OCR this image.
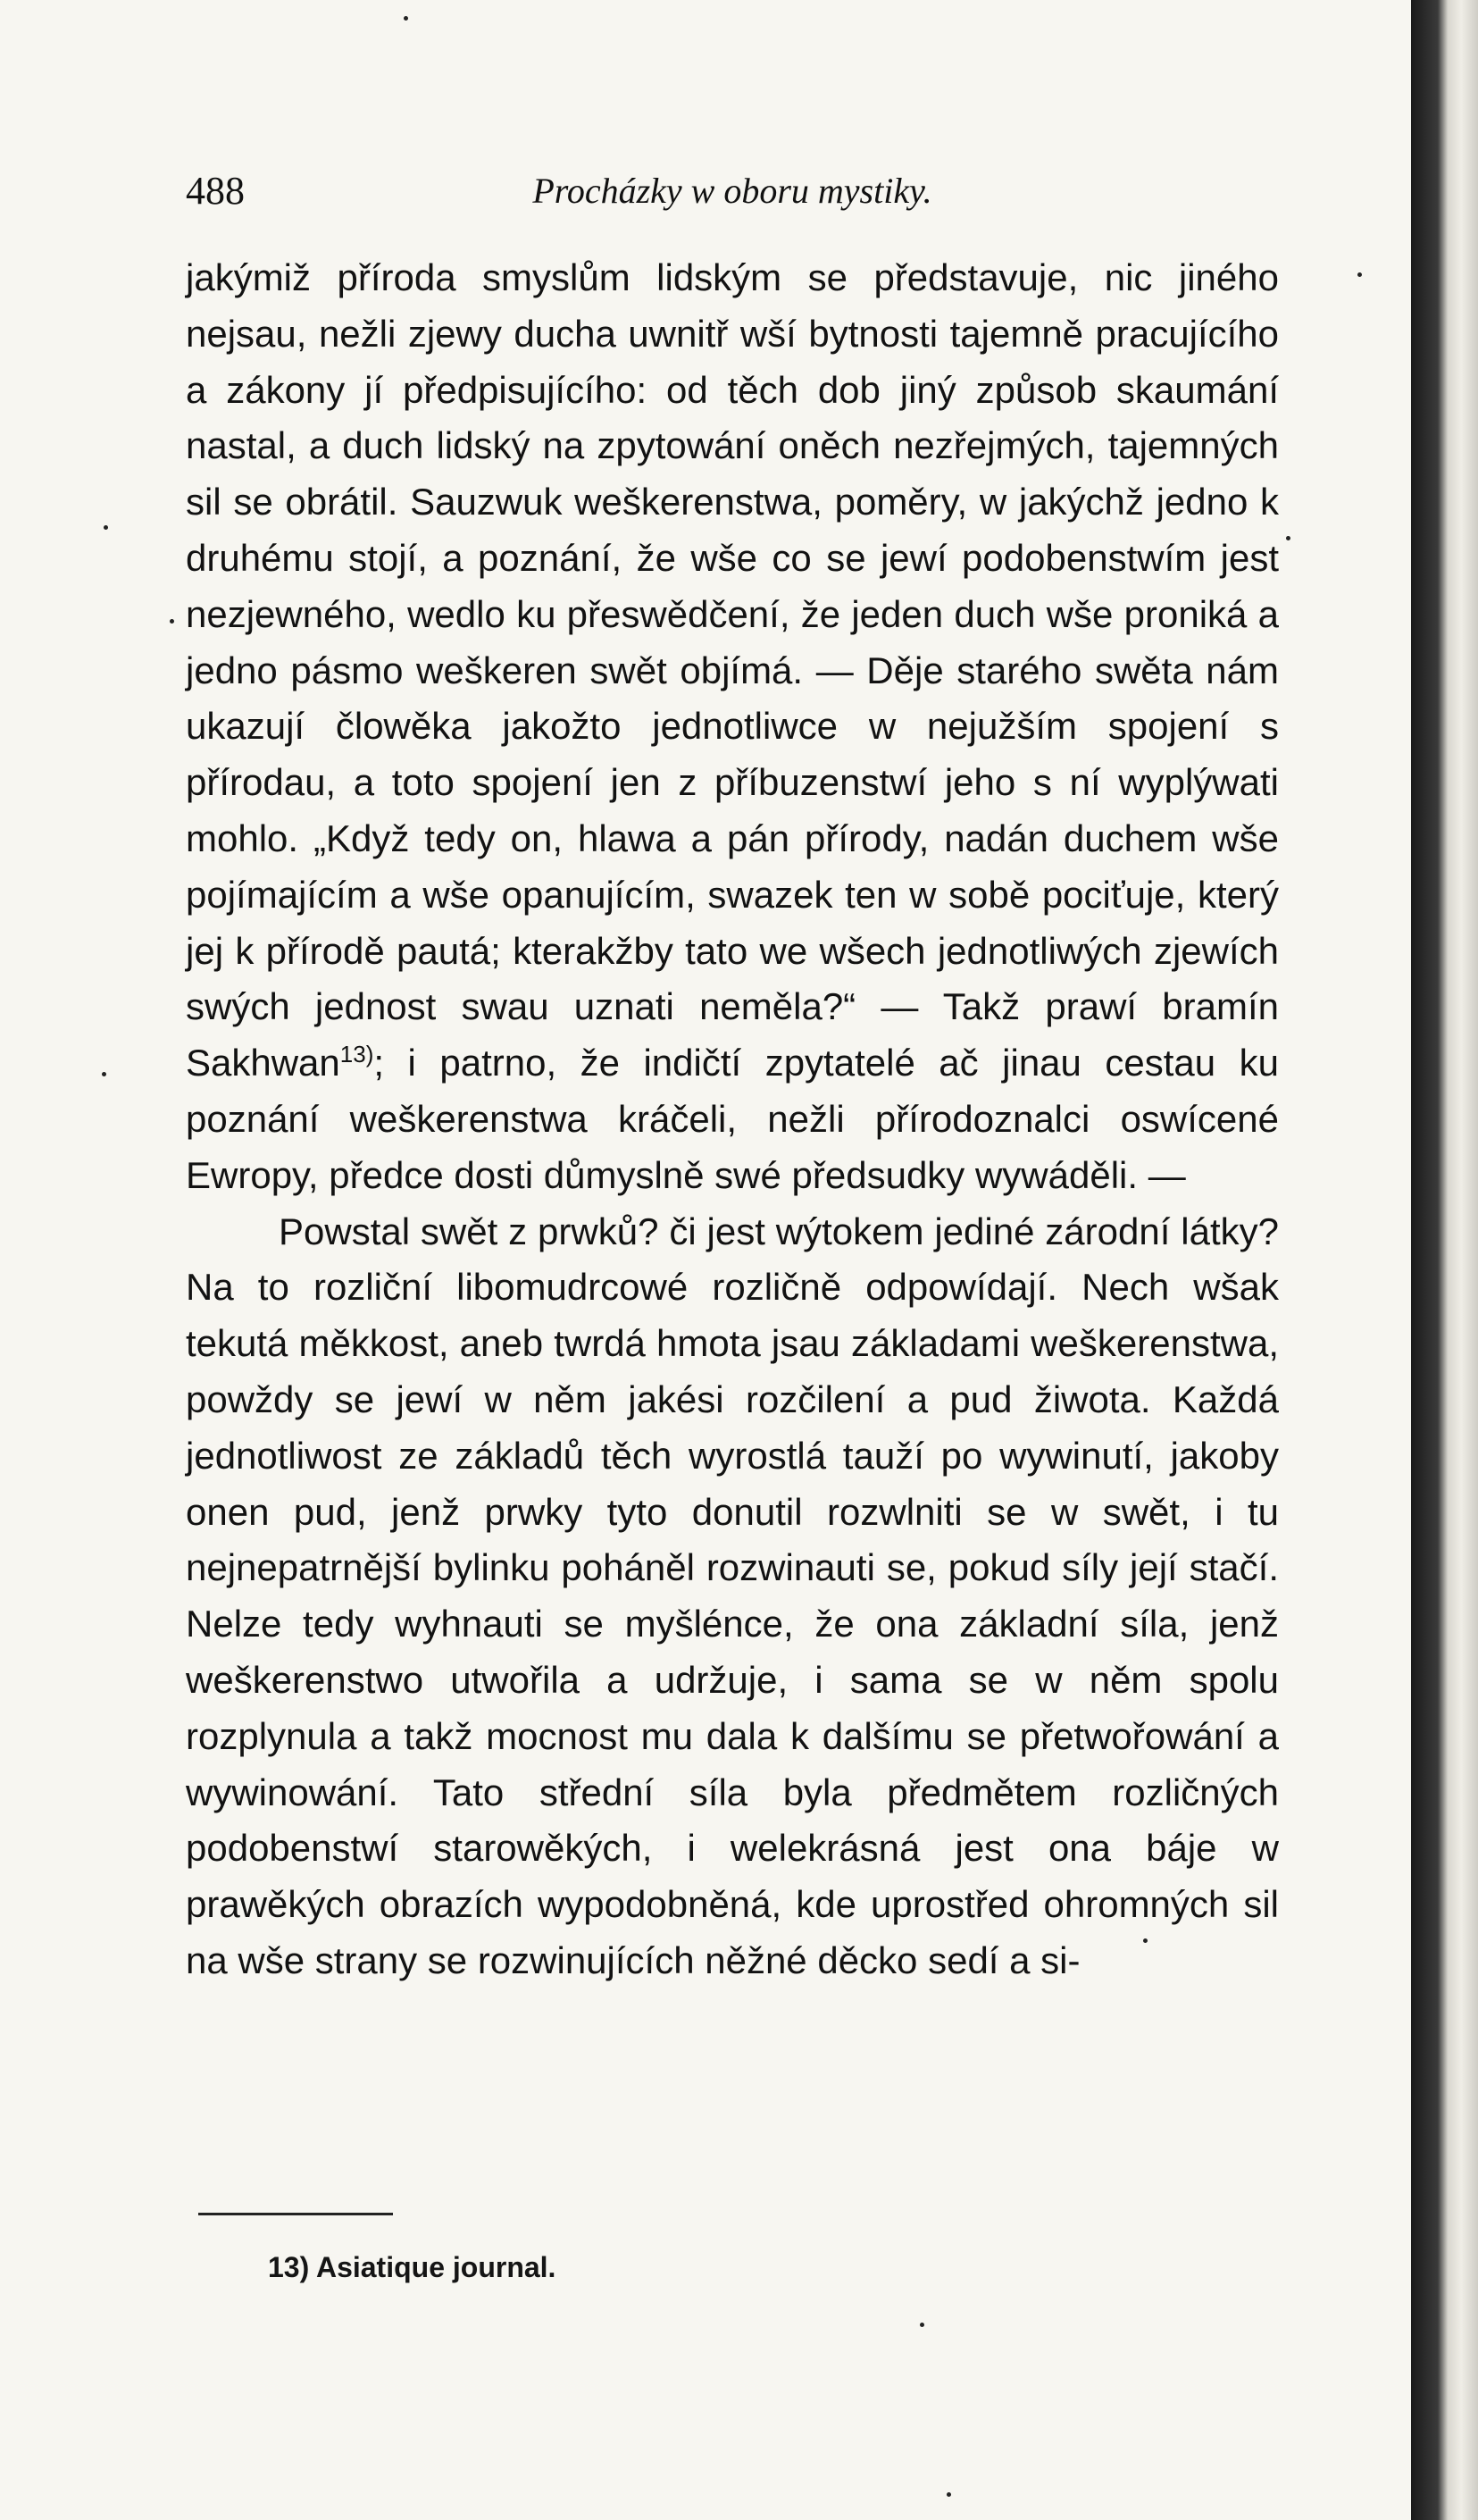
488	Procházky w oboru mystiky.

jakýmiž příroda smyslům lidským se představuje, nic jiného nejsau, nežli zjewy ducha uwnitř wší bytnosti tajemně pracujícího a zákony jí předpisujícího: od těch dob jiný způsob skaumání nastal, a duch lidský na zpytowání oněch nezřejmých, tajemných sil se obrátil. Sauzwuk weškerenstwa, poměry, w jakýchž jedno k druhému stojí, a poznání, že wše co se jewí podobenstwím jest nezjewného, wedlo ku přeswědčení, že jeden duch wše proniká a jedno pásmo weškeren swět objímá. — Děje starého swěta nám ukazují člowěka jakožto jednotliwce w nejužším spojení s přírodau, a toto spojení jen z příbuzenstwí jeho s ní wyplýwati mohlo. „Když tedy on, hlawa a pán přírody, nadán duchem wše pojímajícím a wše opanujícím, swazek ten w sobě pociťuje, který jej k přírodě pautá; kterakžby tato we wšech jednotliwých zjewích swých jednost swau uznati neměla?“ — Takž prawí bramín Sakhwan$^{13)}$; i patrno, že indičtí zpytatelé ač jinau cestau ku poznání weškerenstwa kráčeli, nežli přírodoznalci oswícené Ewropy, předce dosti důmyslně swé předsudky wywáděli. —

Powstal swět z prwků? či jest wýtokem jediné zárodní látky? Na to rozliční libomudrcowé rozličně odpowídají. Nech wšak tekutá měkkost, aneb twrdá hmota jsau základami weškerenstwa, powždy se jewí w něm jakési rozčilení a pud žiwota. Každá jednotliwost ze základů těch wyrostlá tauží po wywinutí, jakoby onen pud, jenž prwky tyto donutil rozwlniti se w swět, i tu nejnepatrnější bylinku poháněl rozwinauti se, pokud síly její stačí. Nelze tedy wyhnauti se myšlénce, že ona základní síla, jenž weškerenstwo utwořila a udržuje, i sama se w něm spolu rozplynula a takž mocnost mu dala k dalšímu se přetwořowání a wywinowání. Tato střední síla byla předmětem rozličných podobenstwí starowěkých, i welekrásná jest ona báje w prawěkých obrazích wypodobněná, kde uprostřed ohromných sil na wše strany se rozwinujících něžné děcko sedí a si-

13) Asiatique journal.
